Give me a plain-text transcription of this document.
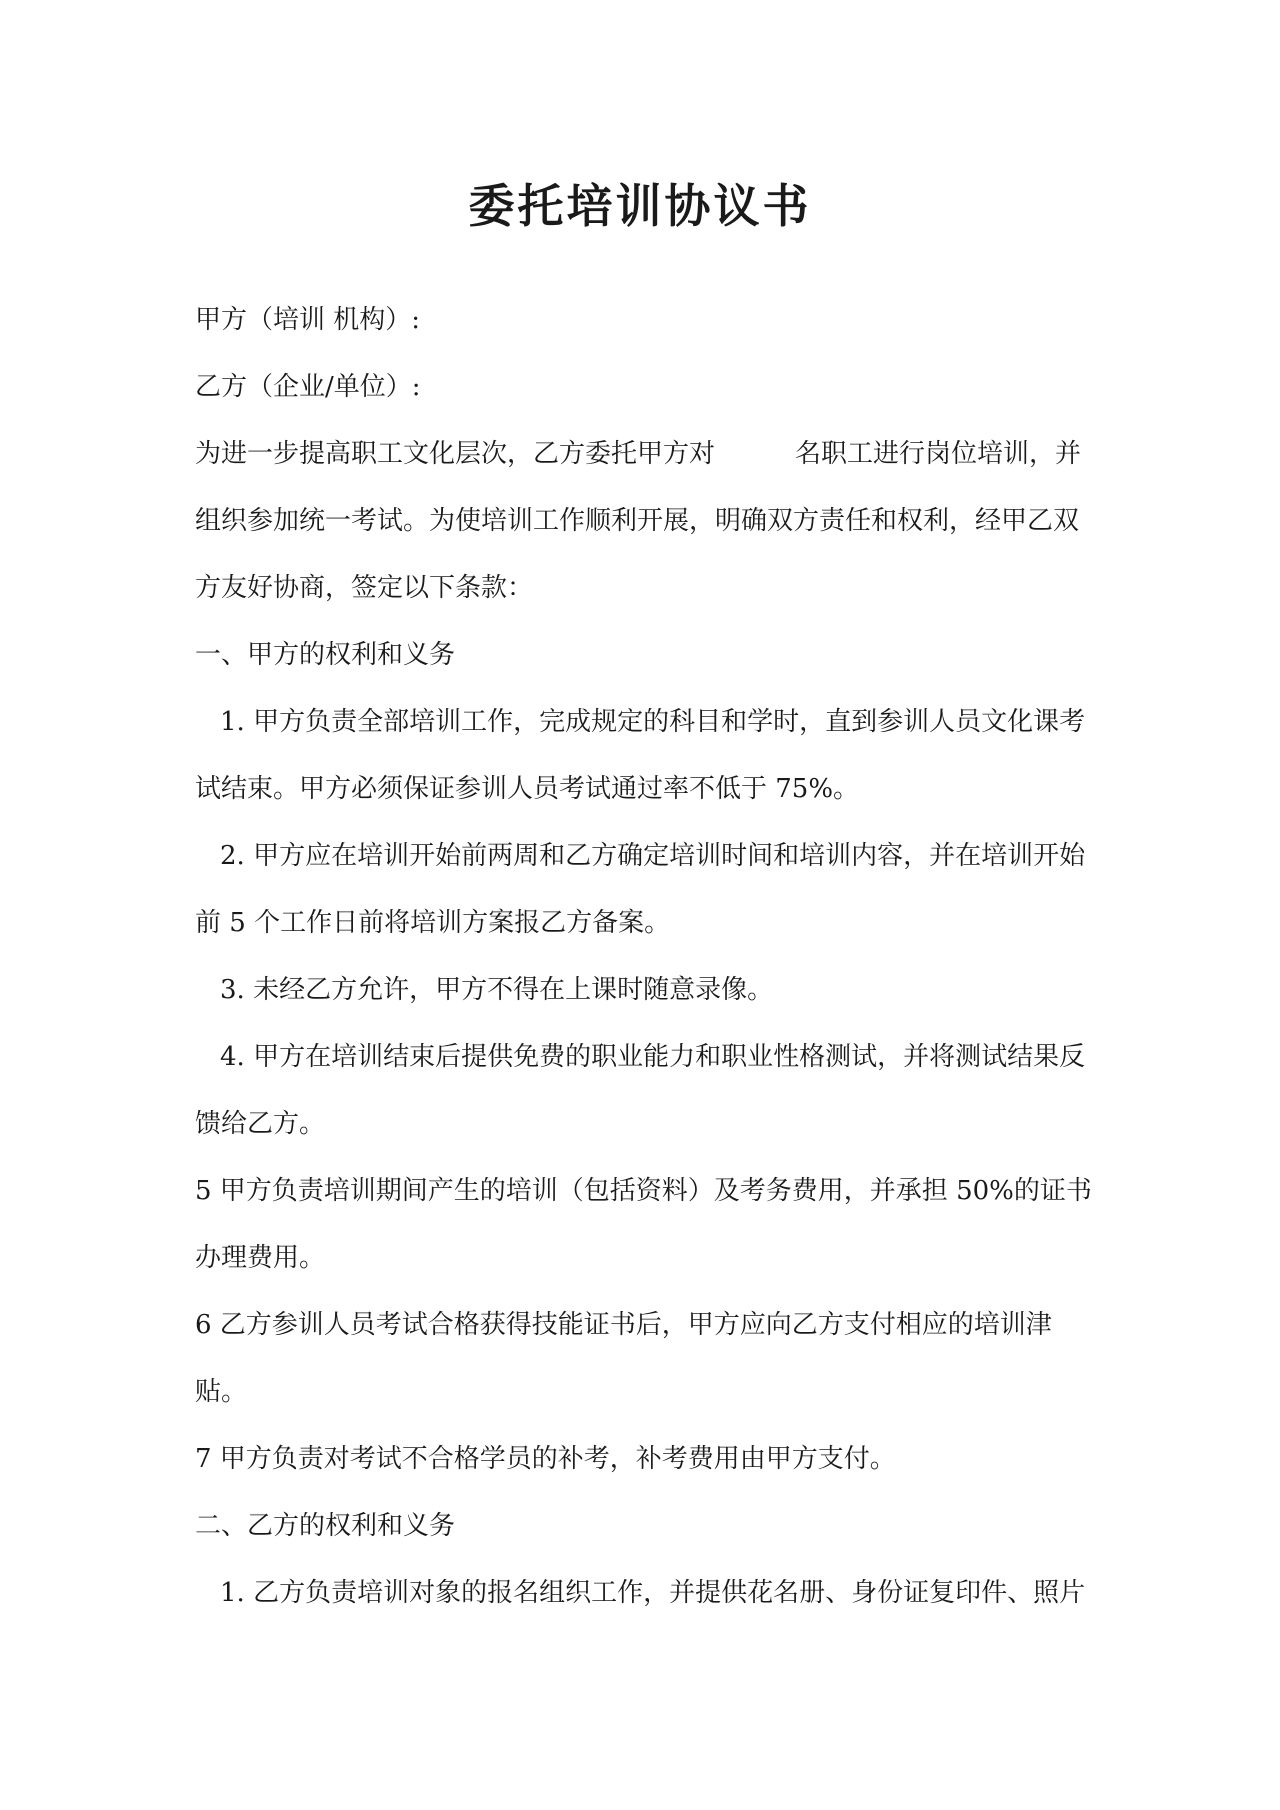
委托培训协议书

甲方（培训 机构）:

乙方（企业/单位）:

为进一步提高职工文化层次，乙方委托甲方对	名职工进行岗位培训，并

组织参加统一考试。为使培训工作顺利开展，明确双方责任和权利，经甲乙双

方友好协商，签定以下条款：

一、甲方的权利和义务

1. 甲方负责全部培训工作，完成规定的科目和学时，直到参训人员文化课考

试结束。甲方必须保证参训人员考试通过率不低于 75%。

2. 甲方应在培训开始前两周和乙方确定培训时间和培训内容，并在培训开始

前 5 个工作日前将培训方案报乙方备案。

3. 未经乙方允许，甲方不得在上课时随意录像。

4. 甲方在培训结束后提供免费的职业能力和职业性格测试，并将测试结果反

馈给乙方。

5 甲方负责培训期间产生的培训（包括资料）及考务费用，并承担 50%的证书

办理费用。

6 乙方参训人员考试合格获得技能证书后，甲方应向乙方支付相应的培训津

贴。

7 甲方负责对考试不合格学员的补考，补考费用由甲方支付。

二、乙方的权利和义务

1. 乙方负责培训对象的报名组织工作，并提供花名册、身份证复印件、照片
